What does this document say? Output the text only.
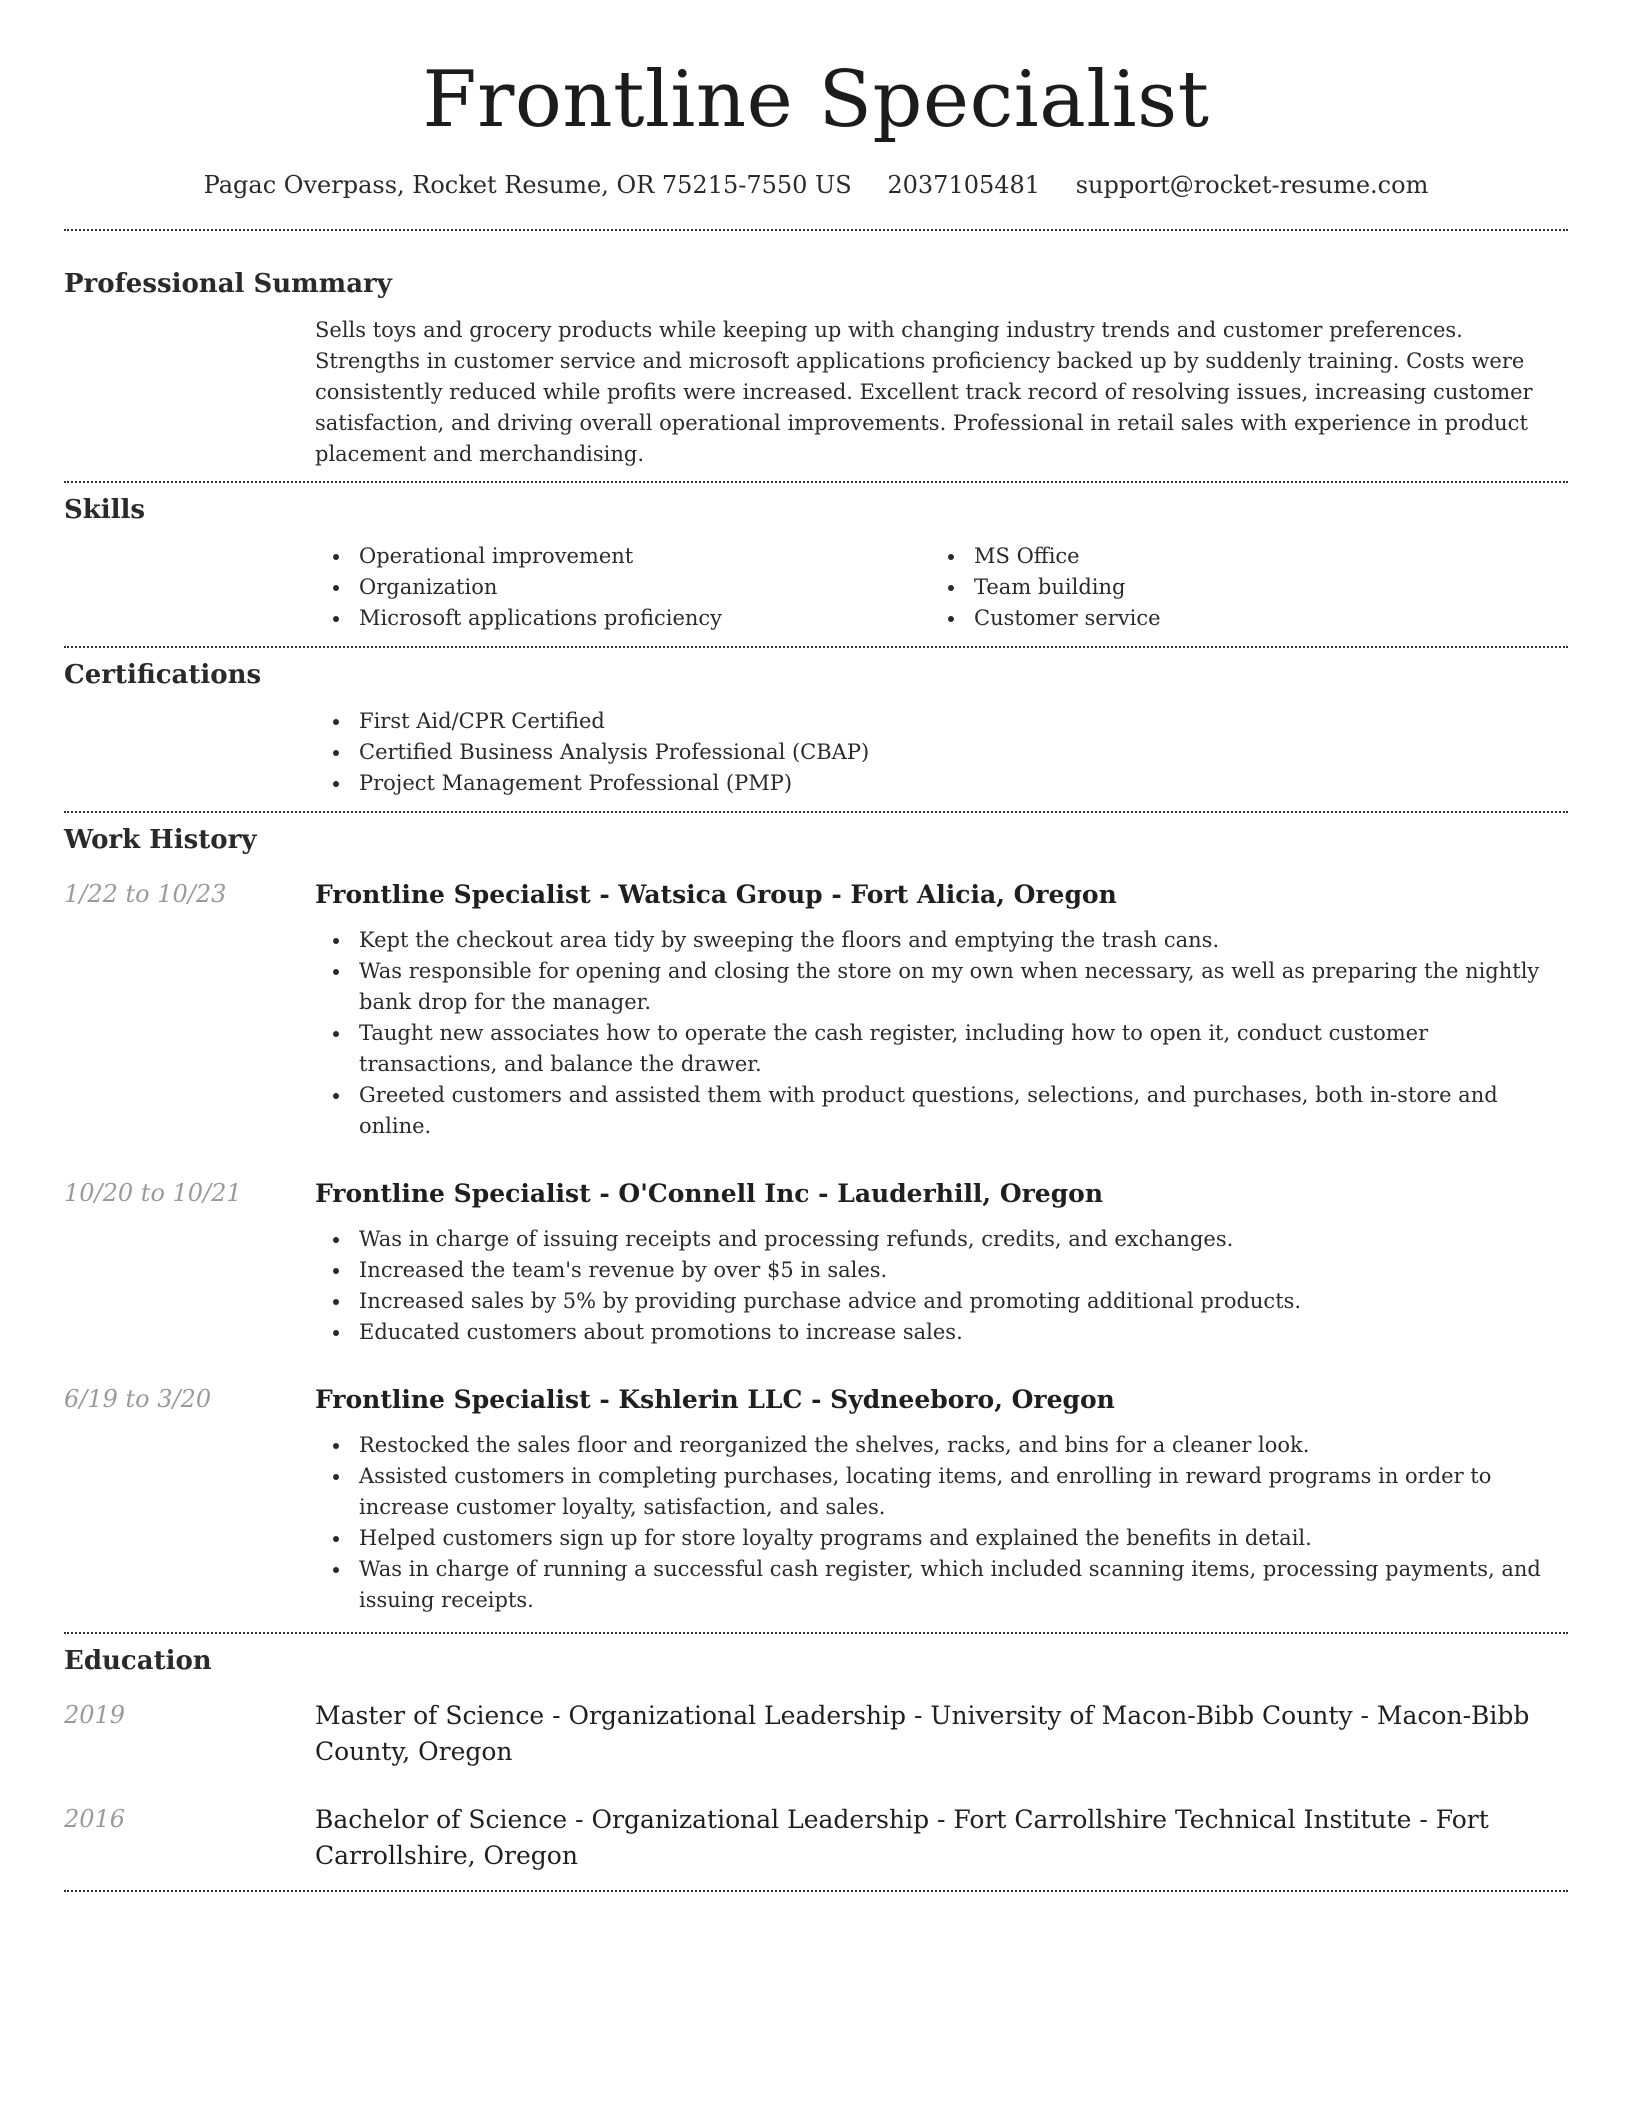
Frontline Specialist
Pagac Overpass, Rocket Resume, OR 75215-7550 US 2037105481 support@rocket-resume.com
Professional Summary

Sells toys and grocery products while keeping up with changing industry trends and customer preferences. Strengths in customer service and microsoft applications proficiency backed up by suddenly training. Costs were consistently reduced while profits were increased. Excellent track record of resolving issues, increasing customer satisfaction, and driving overall operational improvements. Professional in retail sales with experience in product placement and merchandising.

Skills
Operational improvement
Organization
Microsoft applications proficiency
MS Office
Team building
Customer service
Certifications
First Aid/CPR Certified
Certified Business Analysis Professional (CBAP)
Project Management Professional (PMP)
Work History
1/22 to 10/23	Frontline Specialist - Watsica Group - Fort Alicia, Oregon
Kept the checkout area tidy by sweeping the floors and emptying the trash cans.
Was responsible for opening and closing the store on my own when necessary, as well as preparing the nightly bank drop for the manager.
Taught new associates how to operate the cash register, including how to open it, conduct customer transactions, and balance the drawer.
Greeted customers and assisted them with product questions, selections, and purchases, both in-store and online.
10/20 to 10/21	Frontline Specialist - O'Connell Inc - Lauderhill, Oregon
Was in charge of issuing receipts and processing refunds, credits, and exchanges.
Increased the team's revenue by over $5 in sales.
Increased sales by 5% by providing purchase advice and promoting additional products.
Educated customers about promotions to increase sales.
6/19 to 3/20	Frontline Specialist - Kshlerin LLC - Sydneeboro, Oregon
Restocked the sales floor and reorganized the shelves, racks, and bins for a cleaner look.
Assisted customers in completing purchases, locating items, and enrolling in reward programs in order to increase customer loyalty, satisfaction, and sales.
Helped customers sign up for store loyalty programs and explained the benefits in detail.
Was in charge of running a successful cash register, which included scanning items, processing payments, and issuing receipts.
Education
2019	Master of Science - Organizational Leadership - University of Macon-Bibb County - Macon-Bibb County, Oregon

2016	Bachelor of Science - Organizational Leadership - Fort Carrollshire Technical Institute - Fort Carrollshire, Oregon
